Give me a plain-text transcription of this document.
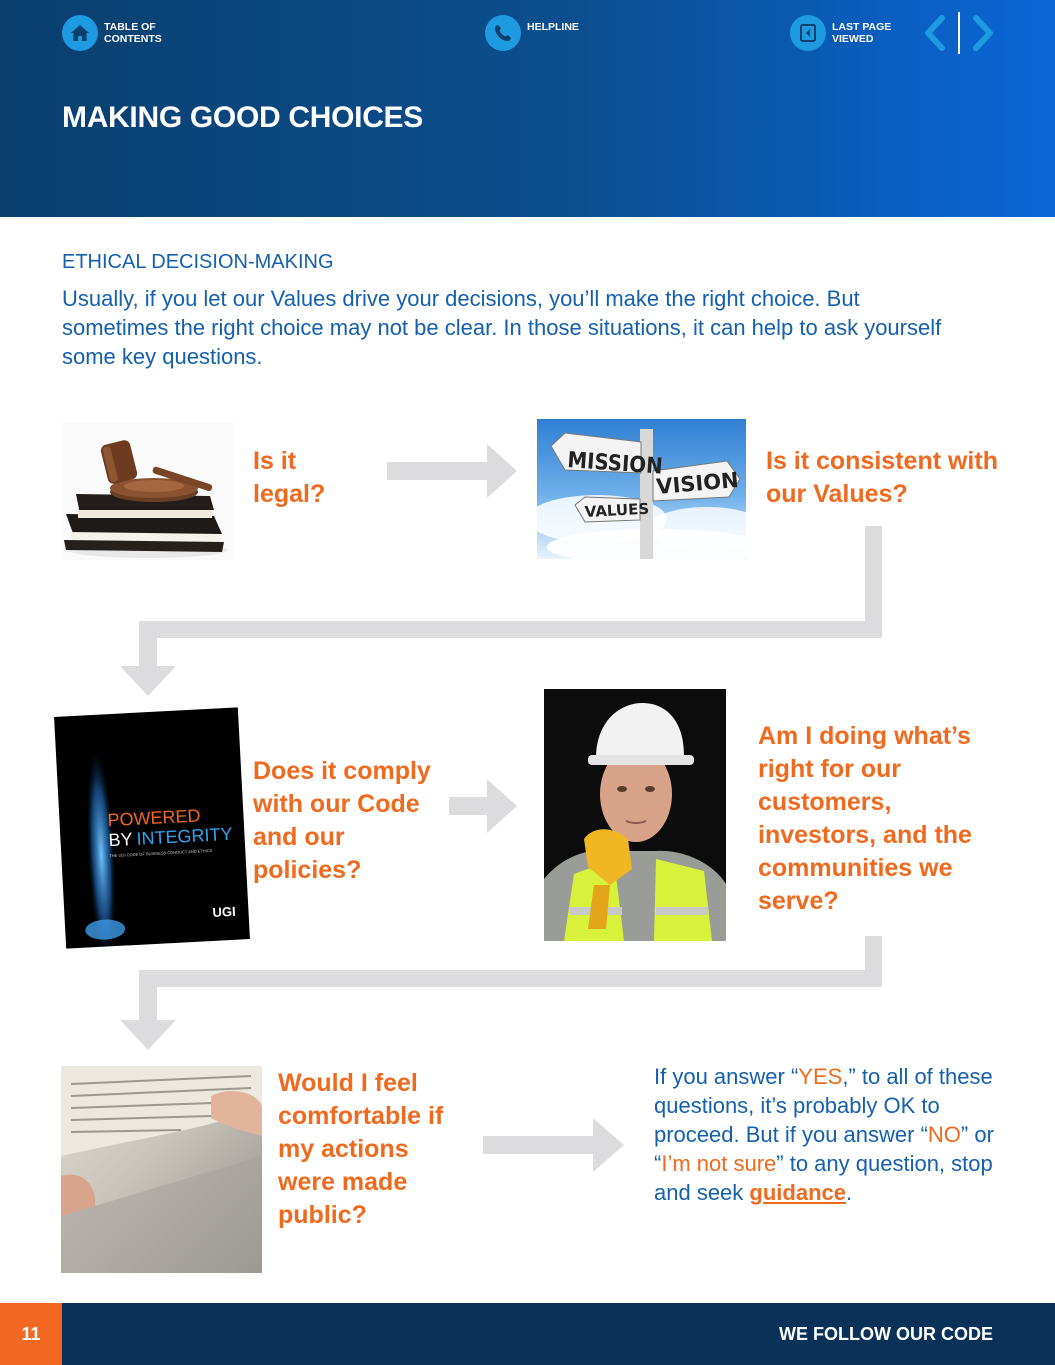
TABLE OF CONTENTS
HELPLINE	LAST PAGE VIEWED
MAKING GOOD CHOICES
ETHICAL DECISION-MAKING
Usually, if you let our Values drive your decisions, you’ll make the right choice. But sometimes the right choice may not be clear. In those situations, it can help to ask yourself some key questions.
Is it legal?
MISSION
VISION
VALUES
Is it consistent with our Values?
POWERED
BY INTEGRITY
THE UGI CODE OF BUSINESS CONDUCT AND ETHICS
UGI
Does it comply with our Code and our policies?
Am I doing what’s right for our customers, investors, and the communities we serve?
Would I feel comfortable if my actions were made public?
If you answer “YES,” to all of these questions, it’s probably OK to proceed. But if you answer “NO” or “I’m not sure” to any question, stop and seek guidance.
11	WE FOLLOW OUR CODE
